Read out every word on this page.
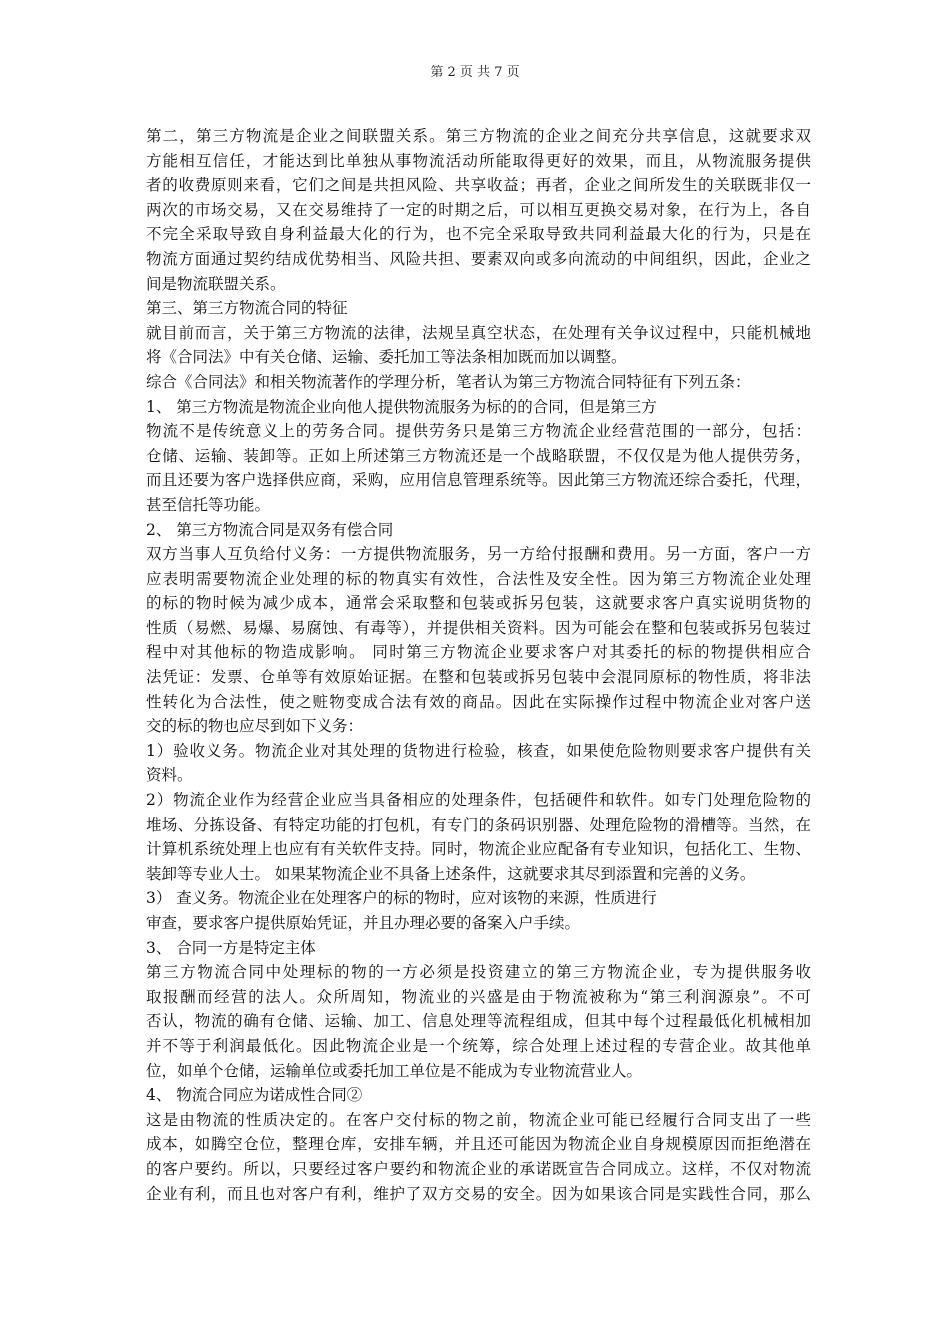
第 2 页 共 7 页
第二，第三方物流是企业之间联盟关系。第三方物流的企业之间充分共享信息，这就要求双
方能相互信任，才能达到比单独从事物流活动所能取得更好的效果，而且，从物流服务提供
者的收费原则来看，它们之间是共担风险、共享收益；再者，企业之间所发生的关联既非仅一
两次的市场交易，又在交易维持了一定的时期之后，可以相互更换交易对象，在行为上，各自
不完全采取导致自身利益最大化的行为，也不完全采取导致共同利益最大化的行为，只是在
物流方面通过契约结成优势相当、风险共担、要素双向或多向流动的中间组织，因此，企业之
间是物流联盟关系。
第三、第三方物流合同的特征
就目前而言，关于第三方物流的法律，法规呈真空状态，在处理有关争议过程中，只能机械地
将《合同法》中有关仓储、运输、委托加工等法条相加既而加以调整。
综合《合同法》和相关物流著作的学理分析，笔者认为第三方物流合同特征有下列五条：
1、 第三方物流是物流企业向他人提供物流服务为标的的合同，但是第三方
物流不是传统意义上的劳务合同。提供劳务只是第三方物流企业经营范围的一部分，包括：
仓储、运输、装卸等。正如上所述第三方物流还是一个战略联盟，不仅仅是为他人提供劳务，
而且还要为客户选择供应商，采购，应用信息管理系统等。因此第三方物流还综合委托，代理，
甚至信托等功能。
2、 第三方物流合同是双务有偿合同
双方当事人互负给付义务：一方提供物流服务，另一方给付报酬和费用。另一方面，客户一方
应表明需要物流企业处理的标的物真实有效性，合法性及安全性。因为第三方物流企业处理
的标的物时候为减少成本，通常会采取整和包装或拆另包装，这就要求客户真实说明货物的
性质（易燃、易爆、易腐蚀、有毒等），并提供相关资料。因为可能会在整和包装或拆另包装过
程中对其他标的物造成影响。 同时第三方物流企业要求客户对其委托的标的物提供相应合
法凭证：发票、仓单等有效原始证据。在整和包装或拆另包装中会混同原标的物性质，将非法
性转化为合法性，使之赃物变成合法有效的商品。因此在实际操作过程中物流企业对客户送
交的标的物也应尽到如下义务：
1）验收义务。物流企业对其处理的货物进行检验，核查，如果使危险物则要求客户提供有关
资料。
2）物流企业作为经营企业应当具备相应的处理条件，包括硬件和软件。如专门处理危险物的
堆场、分拣设备、有特定功能的打包机，有专门的条码识别器、处理危险物的滑槽等。当然，在
计算机系统处理上也应有有关软件支持。同时，物流企业应配备有专业知识，包括化工、生物、
装卸等专业人士。 如果某物流企业不具备上述条件，这就要求其尽到添置和完善的义务。
3） 查义务。物流企业在处理客户的标的物时，应对该物的来源，性质进行
审查，要求客户提供原始凭证，并且办理必要的备案入户手续。
3、 合同一方是特定主体
第三方物流合同中处理标的物的一方必须是投资建立的第三方物流企业，专为提供服务收
取报酬而经营的法人。众所周知，物流业的兴盛是由于物流被称为“第三利润源泉”。不可
否认，物流的确有仓储、运输、加工、信息处理等流程组成，但其中每个过程最低化机械相加
并不等于利润最低化。因此物流企业是一个统筹，综合处理上述过程的专营企业。故其他单
位，如单个仓储，运输单位或委托加工单位是不能成为专业物流营业人。
4、 物流合同应为诺成性合同②
这是由物流的性质决定的。在客户交付标的物之前，物流企业可能已经履行合同支出了一些
成本，如腾空仓位，整理仓库，安排车辆，并且还可能因为物流企业自身规模原因而拒绝潜在
的客户要约。所以，只要经过客户要约和物流企业的承诺既宣告合同成立。这样，不仅对物流
企业有利，而且也对客户有利，维护了双方交易的安全。因为如果该合同是实践性合同，那么
